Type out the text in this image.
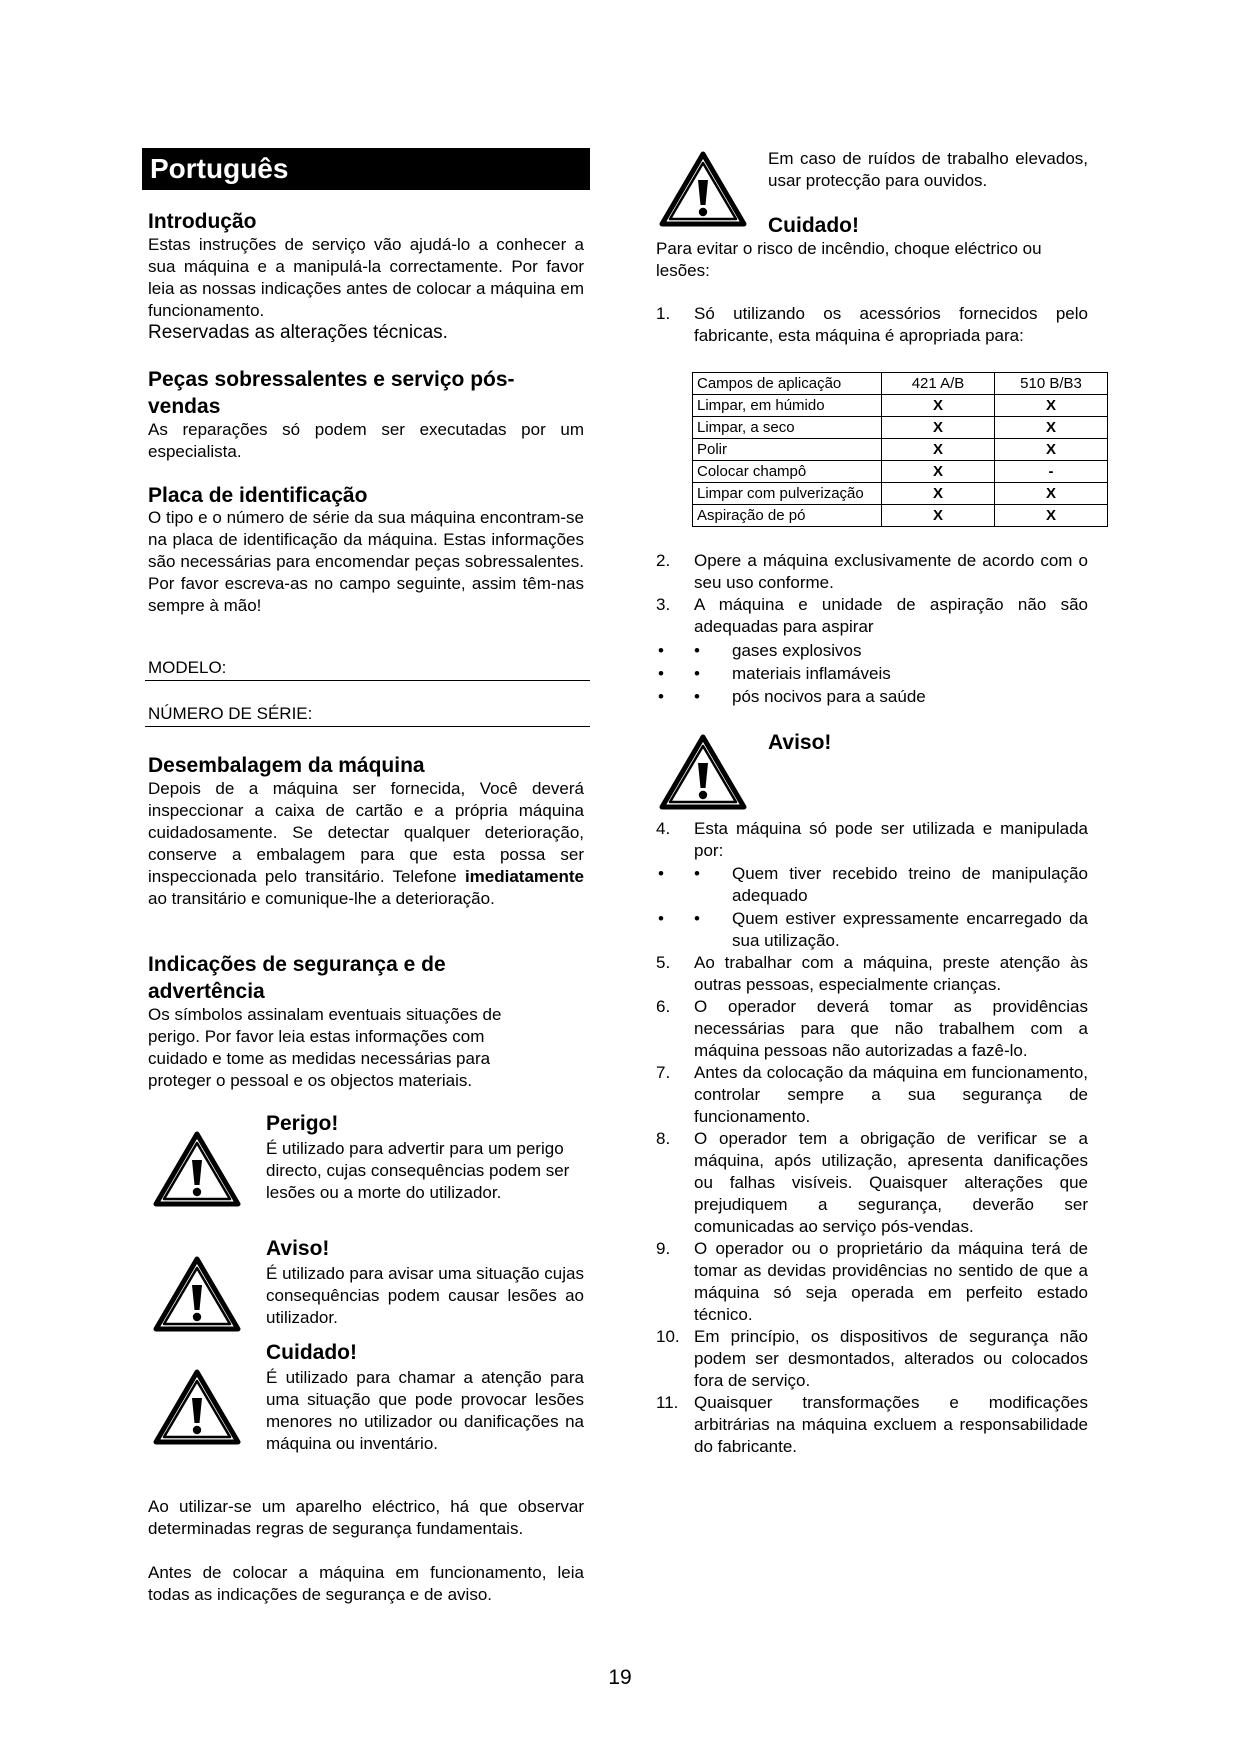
Português
Introdução

Estas instruções de serviço vão ajudá-lo a conhecer a sua máquina e a manipulá-la correctamente. Por favor leia as nossas indicações antes de colocar a máquina em funcionamento.

Reservadas as alterações técnicas.

Peças sobressalentes e serviço pós-vendas

As reparações só podem ser executadas por um especialista.

Placa de identificação

O tipo e o número de série da sua máquina encontram-se na placa de identificação da máquina. Estas informações são necessárias para encomendar peças sobressalentes. Por favor escreva-as no campo seguinte, assim têm-nas sempre à mão!

MODELO:
NÚMERO DE SÉRIE:
Desembalagem da máquina

Depois de a máquina ser fornecida, Você deverá inspeccionar a caixa de cartão e a própria máquina cuidadosamente. Se detectar qualquer deterioração, conserve a embalagem para que esta possa ser inspeccionada pelo transitário. Telefone imediatamente ao transitário e comunique-lhe a deterioração.

Indicações de segurança e de advertência

Os símbolos assinalam eventuais situações de perigo. Por favor leia estas informações com cuidado e tome as medidas necessárias para proteger o pessoal e os objectos materiais.

Perigo!

É utilizado para advertir para um perigo directo, cujas consequências podem ser lesões ou a morte do utilizador.

Aviso!

É utilizado para avisar uma situação cujas consequências podem causar lesões ao utilizador.

Cuidado!

É utilizado para chamar a atenção para uma situação que pode provocar lesões menores no utilizador ou danificações na máquina ou inventário.

Ao utilizar-se um aparelho eléctrico, há que observar determinadas regras de segurança fundamentais.

Antes de colocar a máquina em funcionamento, leia todas as indicações de segurança e de aviso.

Em caso de ruídos de trabalho elevados, usar protecção para ouvidos.

Cuidado!

Para evitar o risco de incêndio, choque eléctrico ou lesões:

1.	Só utilizando os acessórios fornecidos pelo fabricante, esta máquina é apropriada para:
Campos de aplicação	421 A/B	510 B/B3
Limpar, em húmido	X	X
Limpar, a seco	X	X
Polir	X	X
Colocar champô	X	-
Limpar com pulverização	X	X
Aspiração de pó	X	X
2.	Opere a máquina exclusivamente de acordo com o seu uso conforme.
3.	A máquina e unidade de aspiração não são adequadas para aspirar
• • gases explosivos
• • materiais inflamáveis
• • pós nocivos para a saúde
Aviso!
4.	Esta máquina só pode ser utilizada e manipulada por:
• • Quem tiver recebido treino de manipulação adequado
• • Quem estiver expressamente encarregado da sua utilização.
5.	Ao trabalhar com a máquina, preste atenção às outras pessoas, especialmente crianças.
6.	O operador deverá tomar as providências necessárias para que não trabalhem com a máquina pessoas não autorizadas a fazê-lo.
7.	Antes da colocação da máquina em funcionamento, controlar sempre a sua segurança de funcionamento.
8.	O operador tem a obrigação de verificar se a máquina, após utilização, apresenta danificações ou falhas visíveis. Quaisquer alterações que prejudiquem a segurança, deverão ser comunicadas ao serviço pós-vendas.
9.	O operador ou o proprietário da máquina terá de tomar as devidas providências no sentido de que a máquina só seja operada em perfeito estado técnico.
10. Em princípio, os dispositivos de segurança não podem ser desmontados, alterados ou colocados fora de serviço.
11. Quaisquer transformações e modificações arbitrárias na máquina excluem a responsabilidade do fabricante.
19
